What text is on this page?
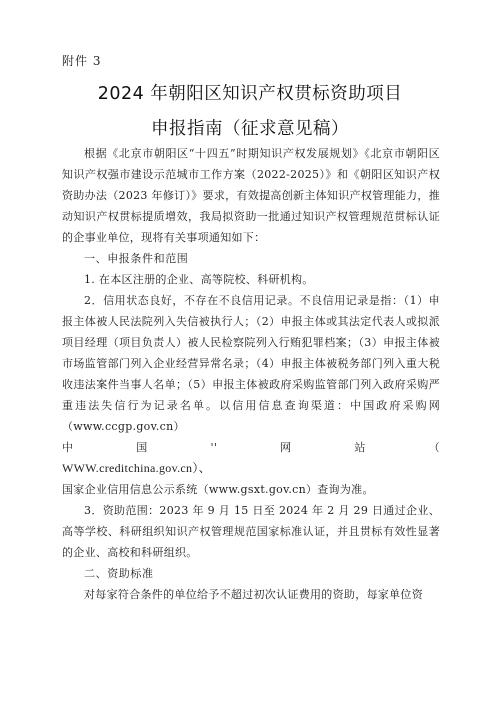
附件 3
2024 年朝阳区知识产权贯标资助项目
申报指南（征求意见稿）

根据《北京市朝阳区“十四五”时期知识产权发展规划》《北京市朝阳区知识产权强市建设示范城市工作方案（2022-2025）》和《朝阳区知识产权资助办法（2023 年修订）》要求，有效提高创新主体知识产权管理能力，推动知识产权贯标提质增效，我局拟资助一批通过知识产权管理规范贯标认证的企事业单位，现将有关事项通知如下：

一、申报条件和范围

1. 在本区注册的企业、高等院校、科研机构。

2．信用状态良好，不存在不良信用记录。不良信用记录是指：（1）申报主体被人民法院列入失信被执行人；（2）申报主体或其法定代表人或拟派项目经理（项目负责人）被人民检察院列入行贿犯罪档案；（3）申报主体被市场监管部门列入企业经营异常名录；（4）申报主体被税务部门列入重大税收违法案件当事人名单；（5）申报主体被政府采购监管部门列入政府采购严重违法失信行为记录名单。以信用信息查询渠道：中国政府采购网（www.ccgp.gov.cn）

中	国	''	网	站	（

WWW.creditchina.gov.cn）、

国家企业信用信息公示系统（www.gsxt.gov.cn）查询为准。

3．资助范围：2023 年 9 月 15 日至 2024 年 2 月 29 日通过企业、高等学校、科研组织知识产权管理规范国家标准认证，并且贯标有效性显著的企业、高校和科研组织。

二、资助标准

对每家符合条件的单位给予不超过初次认证费用的资助，每家单位资
